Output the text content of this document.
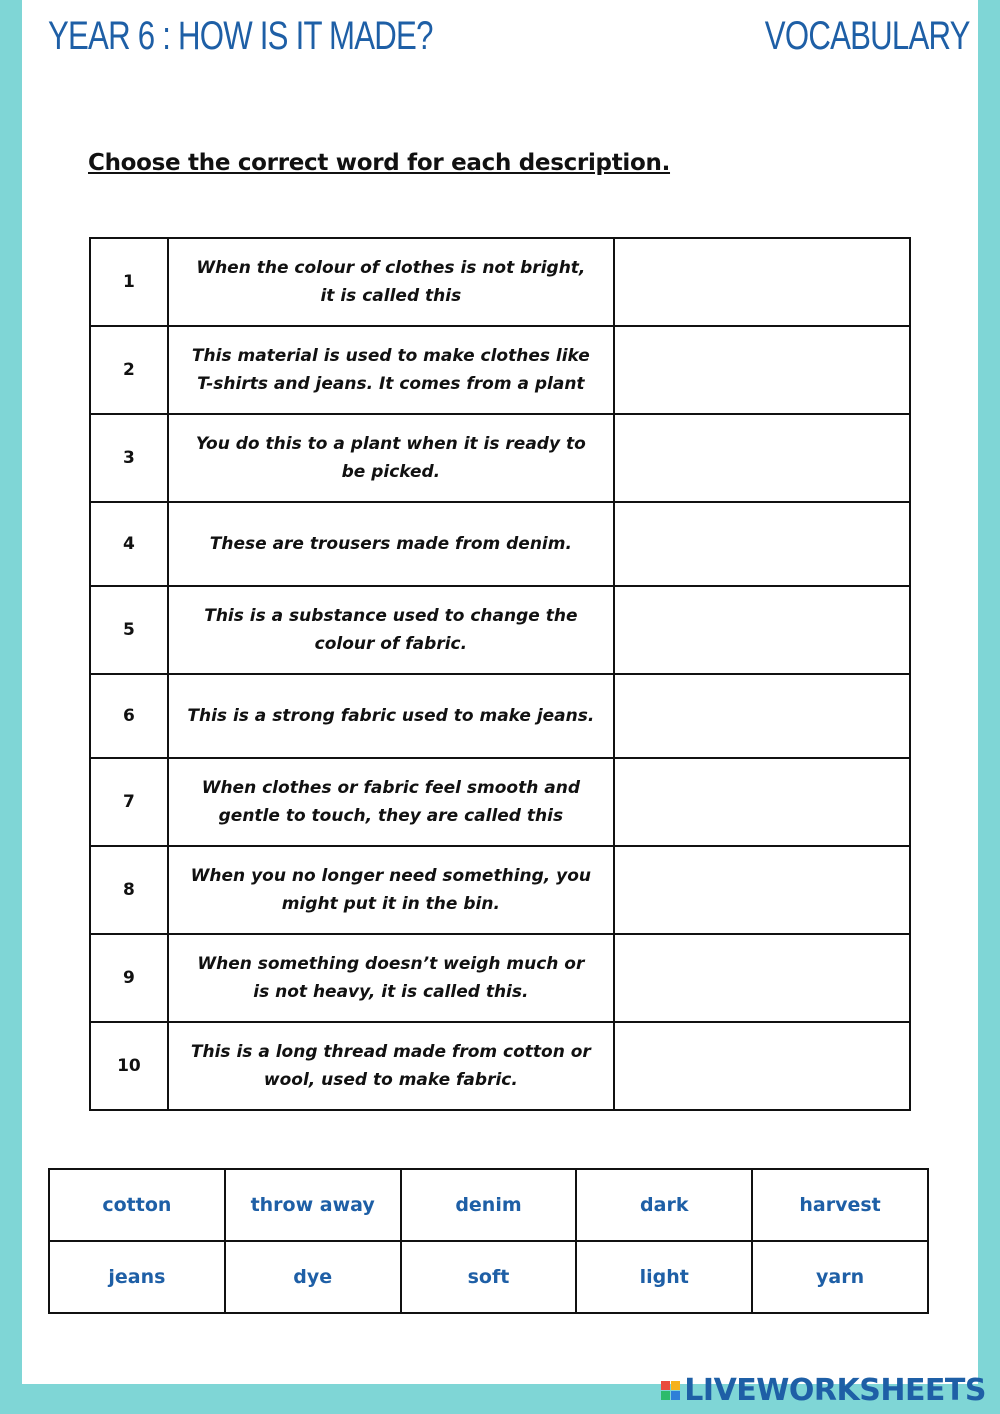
YEAR 6 : HOW IS IT MADE?	VOCABULARY
Choose the correct word for each description.
1	When the colour of clothes is not bright, it is called this	
2	This material is used to make clothes like T-shirts and jeans. It comes from a plant	
3	You do this to a plant when it is ready to be picked.	
4	These are trousers made from denim.	
5	This is a substance used to change the colour of fabric.	
6	This is a strong fabric used to make jeans.	
7	When clothes or fabric feel smooth and gentle to touch, they are called this	
8	When you no longer need something, you might put it in the bin.	
9	When something doesn’t weigh much or is not heavy, it is called this.	
10	This is a long thread made from cotton or wool, used to make fabric.	
cotton	throw away	denim	dark	harvest
jeans	dye	soft	light	yarn
LIVEWORKSHEETS
